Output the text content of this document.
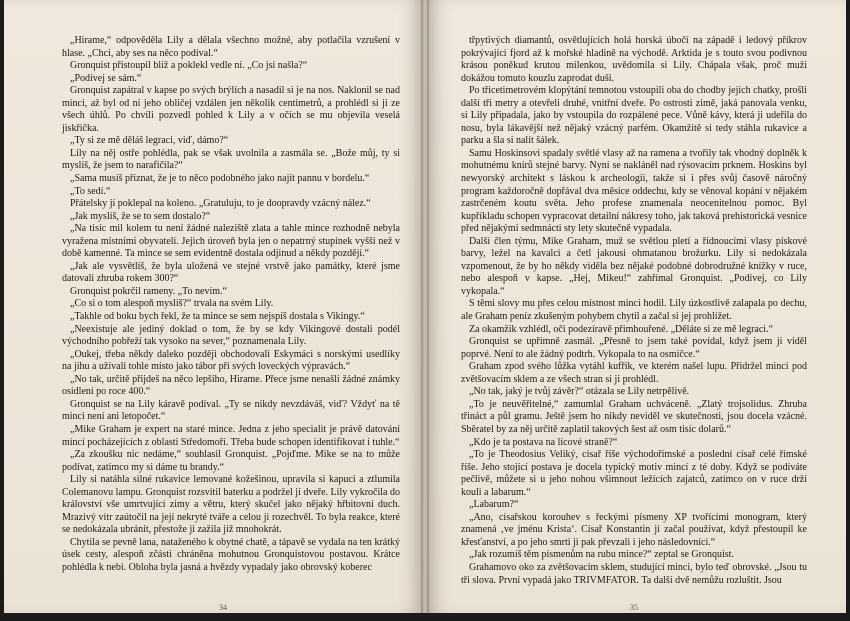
„Hirame,“ odpověděla Lily a dělala všechno možné, aby potlačila vzrušení v hlase. „Chci, aby ses na něco podíval.“

Gronquist přistoupil blíž a poklekl vedle ní. „Co jsi našla?“

„Podívej se sám.“

Gronquist zapátral v kapse po svých brýlích a nasadil si je na nos. Naklonil se nad minci, až byl od ní jeho obličej vzdálen jen několik centimetrů, a prohlédl si ji ze všech úhlů. Po chvíli pozvedl pohled k Lily a v očích se mu objevila veselá jiskřička.

„Ty si ze mě děláš legraci, viď, dámo?“

Lily na něj ostře pohlédla, pak se však uvolnila a zasmála se. „Bože můj, ty si myslíš, že jsem to narafičila?“

„Sama musíš přiznat, že je to něco podobného jako najít pannu v bordelu.“

„To sedí.“

Přátelsky jí poklepal na koleno. „Gratuluju, to je doopravdy vzácný nález.“

„Jak myslíš, že se to sem dostalo?“

„Na tisíc mil kolem tu není žádné naleziště zlata a tahle mince rozhodně nebyla vyražena místními obyvateli. Jejich úroveň byla jen o nepatrný stupínek vyšší než v době kamenné. Ta mince se sem evidentně dostala odjinud a někdy později.“

„Jak ale vysvětlíš, že byla uložená ve stejné vrstvě jako památky, které jsme datovali zhruba rokem 300?“

Gronquist pokrčil rameny. „To nevím.“

„Co si o tom alespoň myslíš?“ trvala na svém Lily.

„Takhle od boku bych řekl, že ta mince se sem nejspíš dostala s Vikingy.“

„Neexistuje ale jediný doklad o tom, že by se kdy Vikingové dostali podél východního pobřeží tak vysoko na sever,“ poznamenala Lily.

„Oukej, třeba někdy daleko později obchodovali Eskymáci s norskými usedlíky na jihu a užívali tohle místo jako tábor při svých loveckých výpravách.“

„No tak, určitě přijdeš na něco lepšího, Hirame. Přece jsme nenašli žádné známky osídlení po roce 400.“

Gronquist se na Lily káravě podíval. „Ty se nikdy nevzdáváš, viď? Vždyť na tě minci není ani letopočet.“

„Mike Graham je expert na staré mince. Jedna z jeho specialit je právě datování mincí pocházejících z oblasti Středomoří. Třeba bude schopen identifikovat i tuhle.“

„Za zkoušku nic nedáme,“ souhlasil Gronquist. „Pojďme. Mike se na to může podívat, zatímco my si dáme tu brandy.“

Lily si natáhla silné rukavice lemované kožešinou, upravila si kapuci a ztlumila Colemanovu lampu. Gronquist rozsvítil baterku a podržel jí dveře. Lily vykročila do království vše umrtvující zimy a větru, který skučel jako nějaký hřbitovní duch. Mrazivý vítr zaútočil na její nekryté tváře a celou ji rozechvěl. To byla reakce, které se nedokázala ubránit, přestože ji zažila již mnohokrát.

Chytila se pevně lana, nataženého k obytné chatě, a tápavě se vydala na ten krátký úsek cesty, alespoň zčásti chráněna mohutnou Gronquistovou postavou. Krátce pohlédla k nebi. Obloha byla jasná a hvězdy vypadaly jako obrovský koberec

34

třpytivých diamantů, osvětlujících holá horská úbočí na západě i ledový příkrov pokrývající fjord až k mořské hladině na východě. Arktida je s touto svou podivnou krásou poněkud krutou milenkou, uvědomila si Lily. Chápala však, proč muži dokážou tomuto kouzlu zaprodat duši.

Po třicetimetrovém klopýtání temnotou vstoupili oba do chodby jejich chatky, prošli další tři metry a otevřeli druhé, vnitřní dveře. Po ostrosti zimě, jaká panovala venku, si Lily připadala, jako by vstoupila do rozpálené pece. Vůně kávy, která ji udeřila do nosu, byla lákavější než nějaký vzácný parfém. Okamžitě si tedy stáhla rukavice a parku a šla si nalít šálek.

Samu Hoskinsovi spadaly světlé vlasy až na ramena a tvořily tak vhodný doplněk k mohutnému knírů stejné barvy. Nyní se nakláněl nad rýsovacím prknem. Hoskins byl newyorský architekt s láskou k archeologii, takže si i přes svůj časově náročný program každoročně dopřával dva měsíce oddechu, kdy se věnoval kopání v nějakém zastrčeném koutu světa. Jeho profese znamenala neocenitelnou pomoc. Byl kupříkladu schopen vypracovat detailní nákresy toho, jak taková prehistorická vesnice před nějakými sedmnácti sty lety skutečně vypadala.

Další člen týmu, Mike Graham, muž se světlou pletí a řídnoucími vlasy pískové barvy, ležel na kavalci a četl jakousi ohmatanou brožurku. Lily si nedokázala vzpomenout, že by ho někdy viděla bez nějaké podobné dobrodružné knížky v ruce, nebo alespoň v kapse. „Hej, Mikeu!“ zahřímal Gronquist. „Podívej, co Lily vykopala.“

S těmi slovy mu přes celou místnost minci hodil. Lily úzkostlivě zalapala po dechu, ale Graham peníz zkušeným pohybem chytil a začal si jej prohlížet.

Za okamžik vzhlédl, oči podezíravě přimhouřené. „Děláte si ze mě legraci.“

Gronquist se upřímně zasmál. „Přesně to jsem také povídal, když jsem ji viděl poprvé. Není to ale žádný podtrh. Vykopala to na osmičce.“

Graham zpod svého lůžka vytáhl kufřík, ve kterém našel lupu. Přidržel minci pod zvětšovacím sklem a ze všech stran si ji prohlédl.

„No tak, jaký je tvůj závěr?“ otázala se Lily netrpělivě.

„To je neuvěřitelné,“ zamumlal Graham uchváceně. „Zlatý trojsolidus. Zhruba třináct a půl gramu. Ještě jsem ho nikdy neviděl ve skutečnosti, jsou docela vzácné. Sběratel by za něj určitě zaplatil takových šest až osm tisíc dolarů.“

„Kdo je ta postava na lícové straně?“

„To je Theodosius Veliký, císař říše východořímské a poslední císař celé římské říše. Jeho stojící postava je docela typický motiv mincí z té doby. Když se podíváte pečlivě, můžete si u jeho nohou všimnout ležících zajatců, zatímco on v ruce drží kouli a labarum.“

„Labarum?“

„Ano, císařskou korouhev s řeckými písmeny XP tvořícími monogram, který znamená ‚ve jménu Krista‘. Císař Konstantin jí začal používat, když přestoupil ke křesťanství, a po jeho smrti ji pak převzali i jeho následovníci.“

„Jak rozumíš těm písmenům na rubu mince?“ zeptal se Gronquist.

Grahamovo oko za zvětšovacím sklem, studující minci, bylo teď obrovské. „Jsou tu tři slova. První vypadá jako TRIVMFATOR. Ta další dvě nemůžu rozluštit. Jsou

35
